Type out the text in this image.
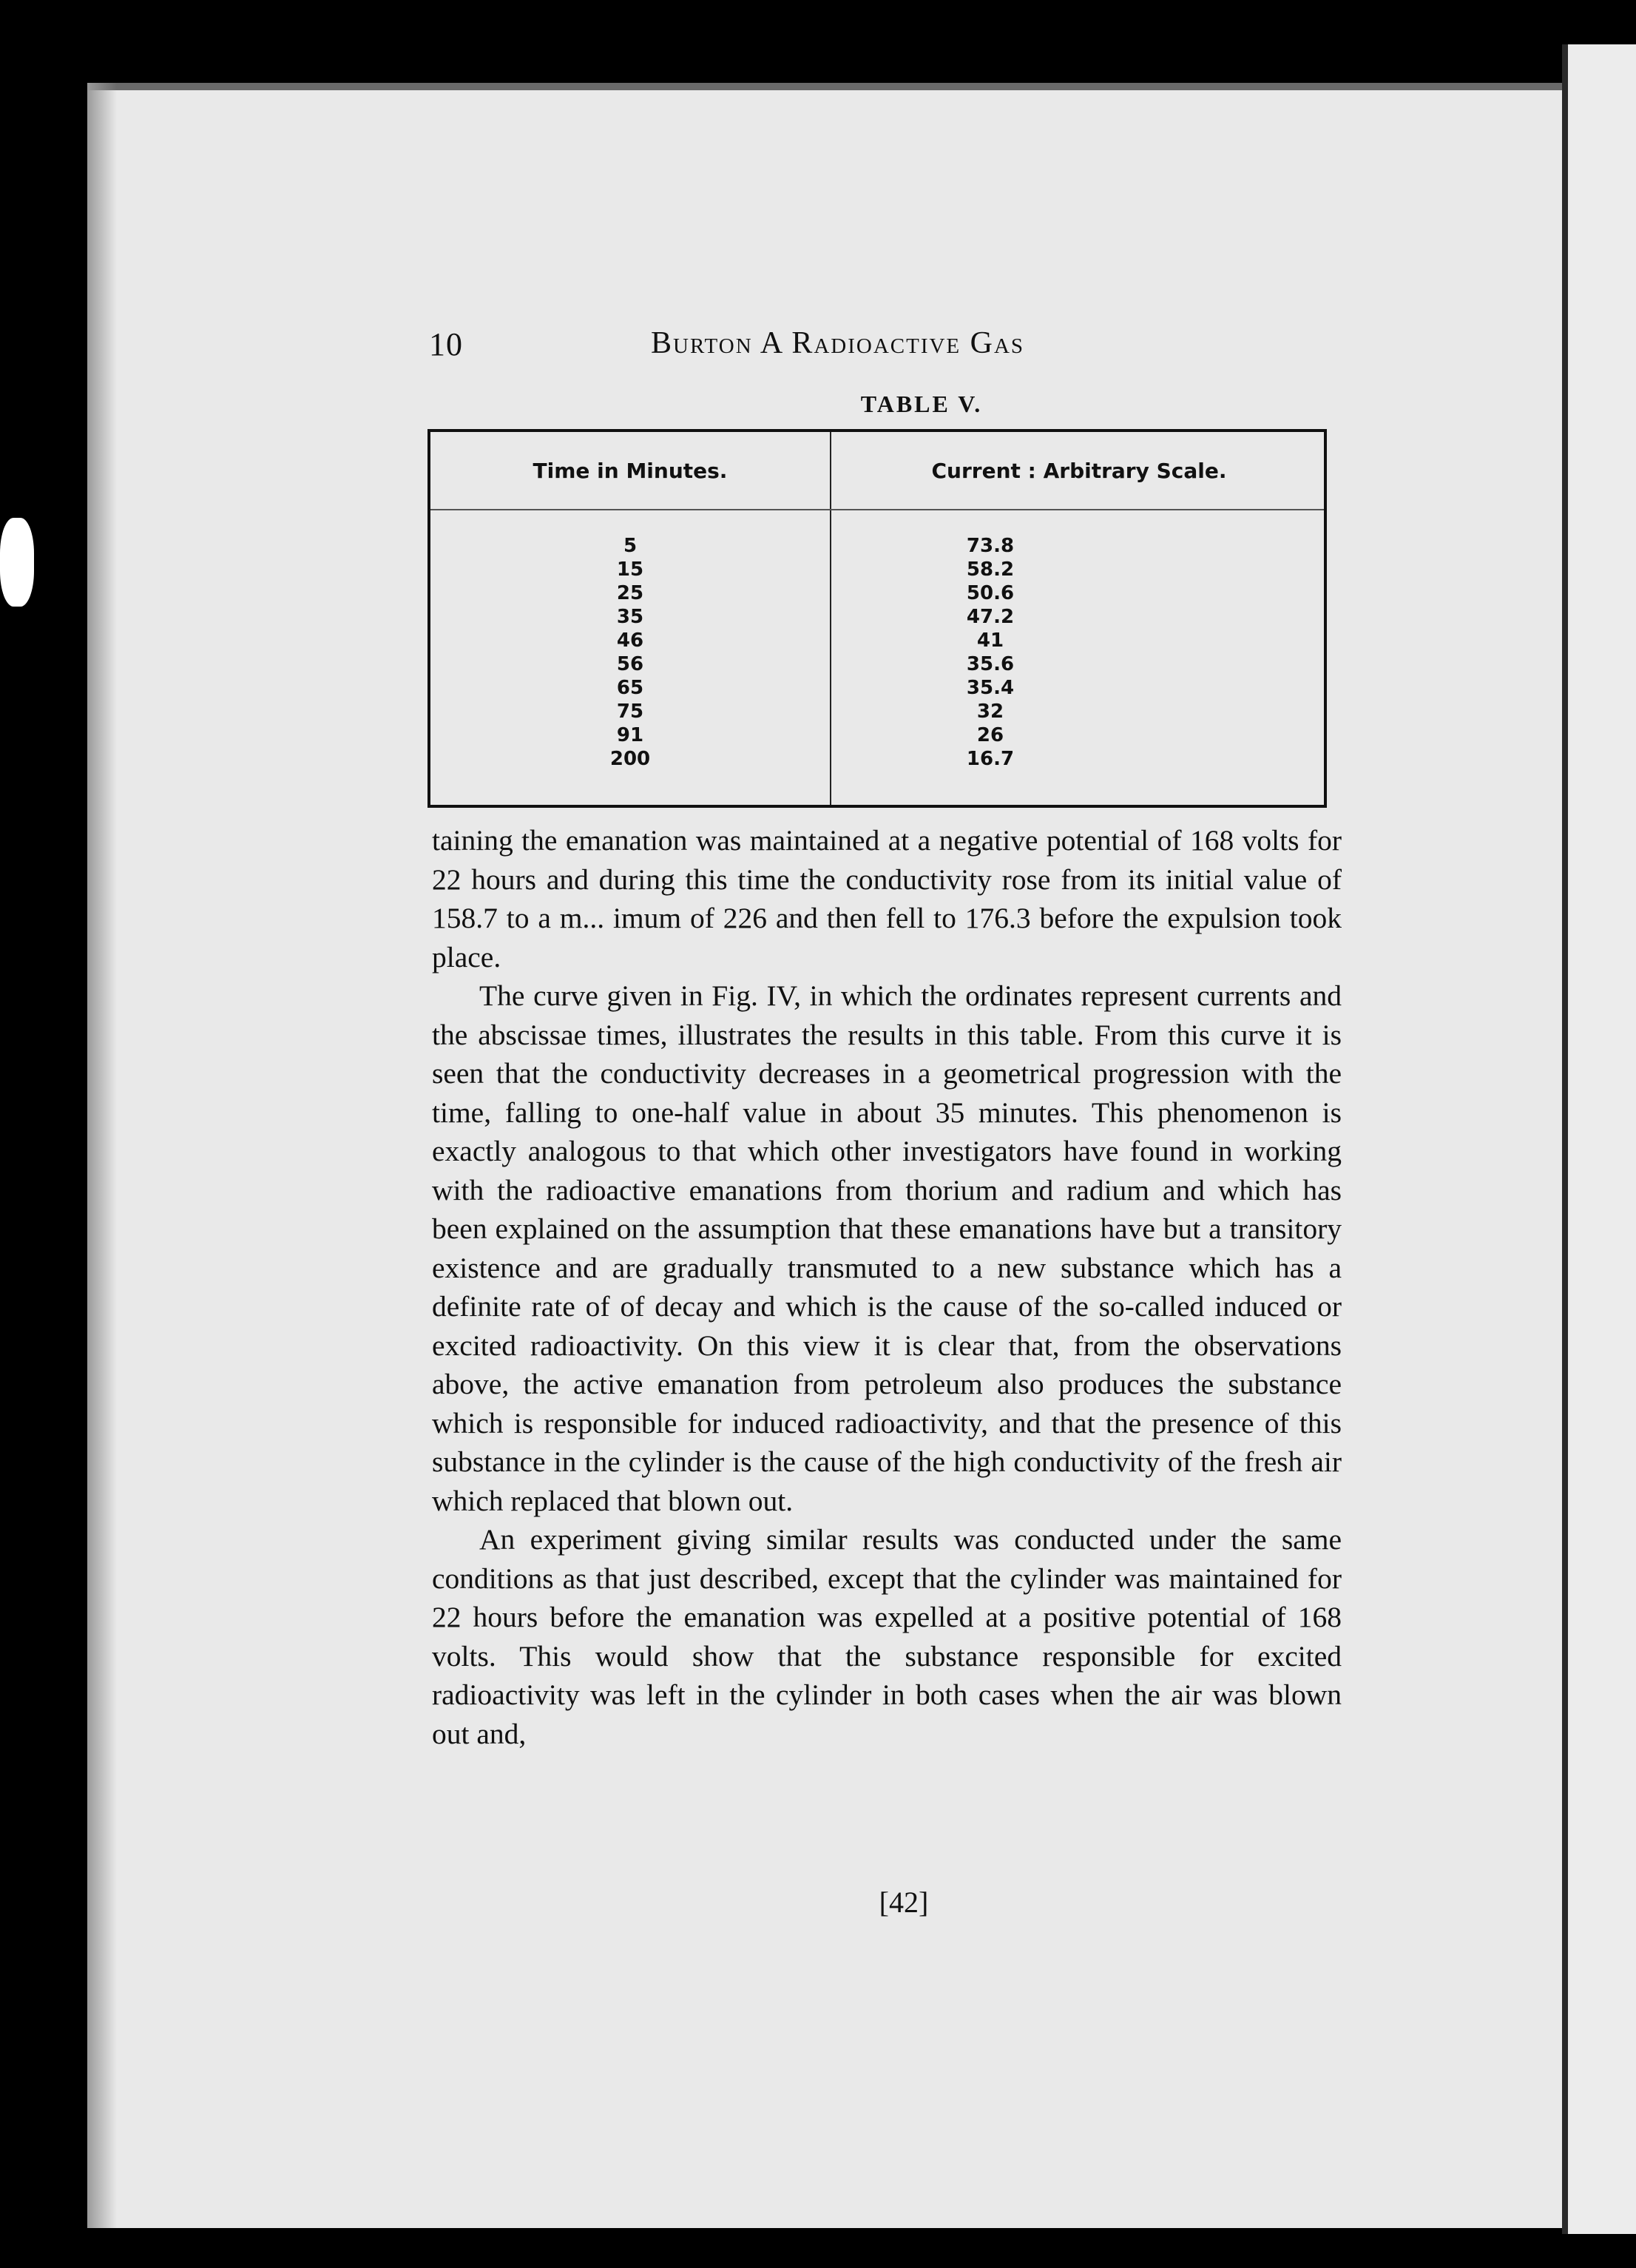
10	Burton A Radioactive Gas
TABLE V.
Time in Minutes.	Current : Arbitrary Scale.
5
15
25
35
46
56
65
75
91
200
73.8
58.2
50.6
47.2
41
35.6
35.4
32
26
16.7

taining the emanation was maintained at a negative potential of 168 volts for 22 hours and during this time the conductivity rose from its initial value of 158.7 to a m... imum of 226 and then fell to 176.3 before the expulsion took place.

The curve given in Fig. IV, in which the ordinates represent currents and the abscissae times, illustrates the results in this table. From this curve it is seen that the conductivity decreases in a geometrical progression with the time, falling to one-half value in about 35 minutes. This phenomenon is exactly analogous to that which other investigators have found in working with the radioactive emanations from thorium and radium and which has been explained on the assumption that these emanations have but a transitory existence and are gradually transmuted to a new substance which has a definite rate of of decay and which is the cause of the so-called induced or excited radioactivity. On this view it is clear that, from the observations above, the active emanation from petroleum also produces the substance which is responsible for induced radioactivity, and that the presence of this substance in the cylinder is the cause of the high conductivity of the fresh air which replaced that blown out.

An experiment giving similar results was conducted under the same conditions as that just described, except that the cylinder was maintained for 22 hours before the emanation was expelled at a positive potential of 168 volts. This would show that the substance responsible for excited radioactivity was left in the cylinder in both cases when the air was blown out and,

[42]
